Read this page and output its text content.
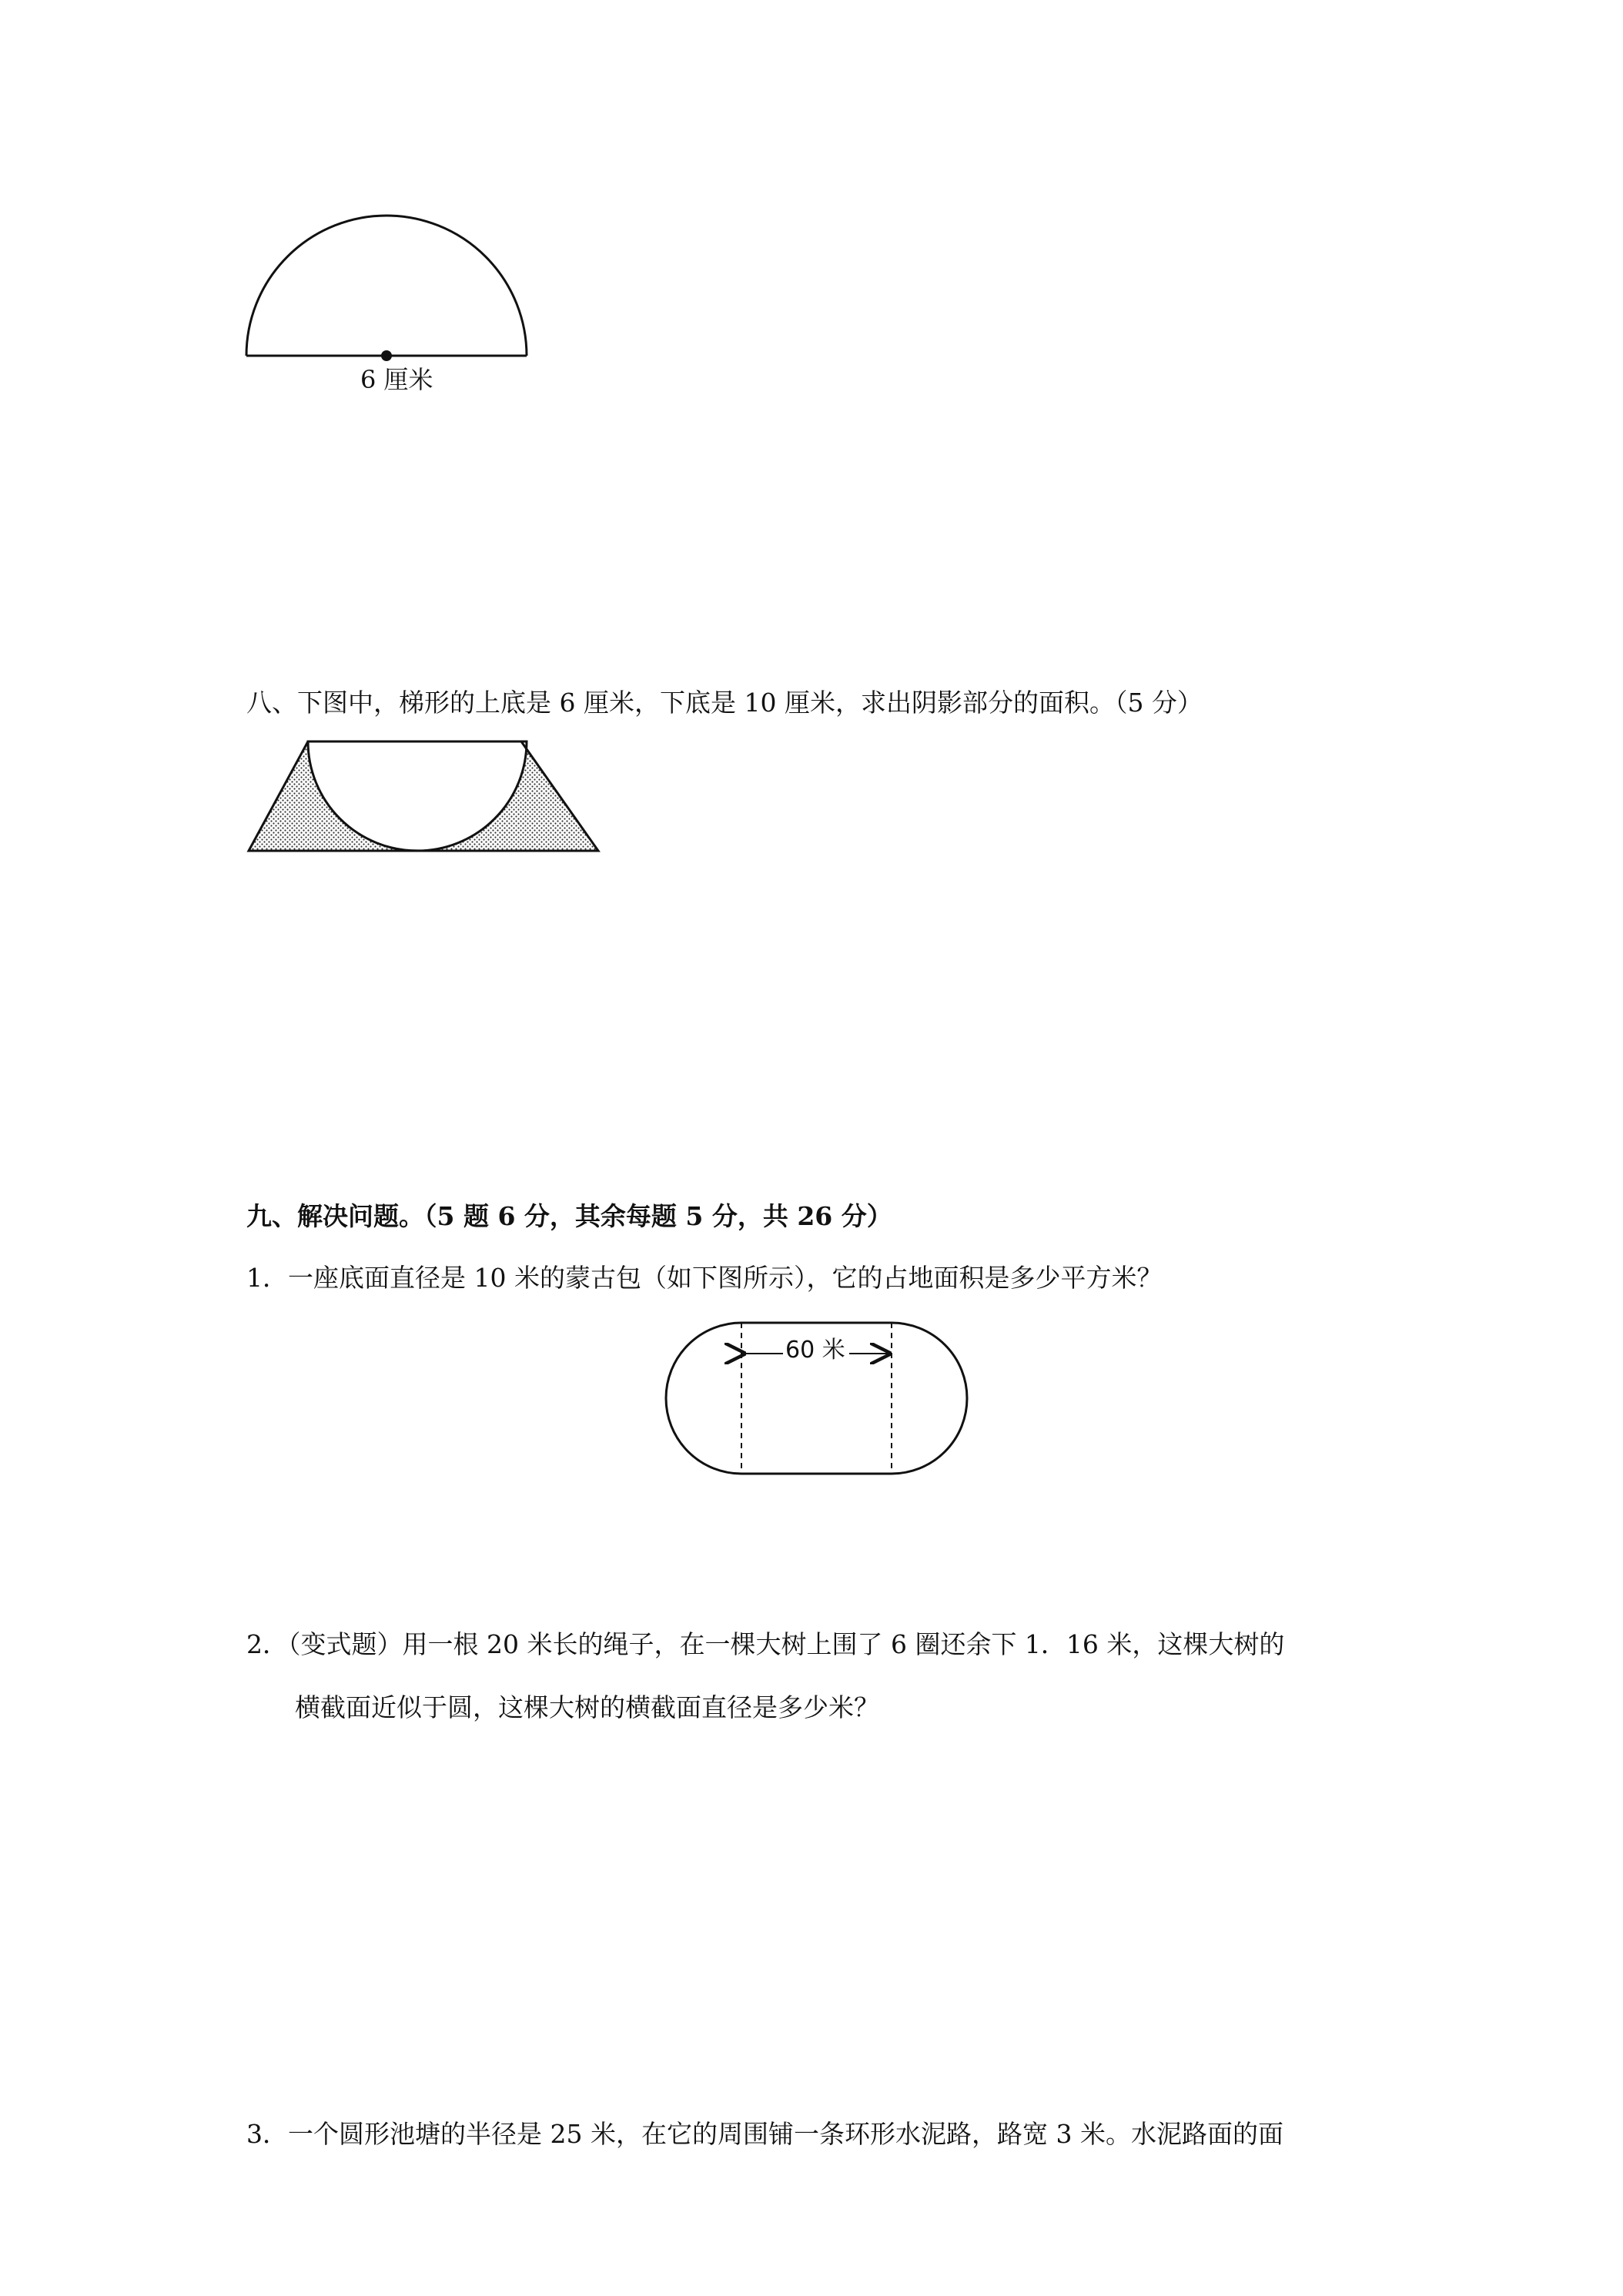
6 厘米
八、下图中，梯形的上底是 6 厘米，下底是 10 厘米，求出阴影部分的面积。（5 分）
九、解决问题。（5 题 6 分，其余每题 5 分，共 26 分）
1．一座底面直径是 10 米的蒙古包（如下图所示），它的占地面积是多少平方米？
60 米
2．（变式题）用一根 20 米长的绳子，在一棵大树上围了 6 圈还余下 1．16 米，这棵大树的
横截面近似于圆，这棵大树的横截面直径是多少米？
3．一个圆形池塘的半径是 25 米，在它的周围铺一条环形水泥路，路宽 3 米。水泥路面的面
